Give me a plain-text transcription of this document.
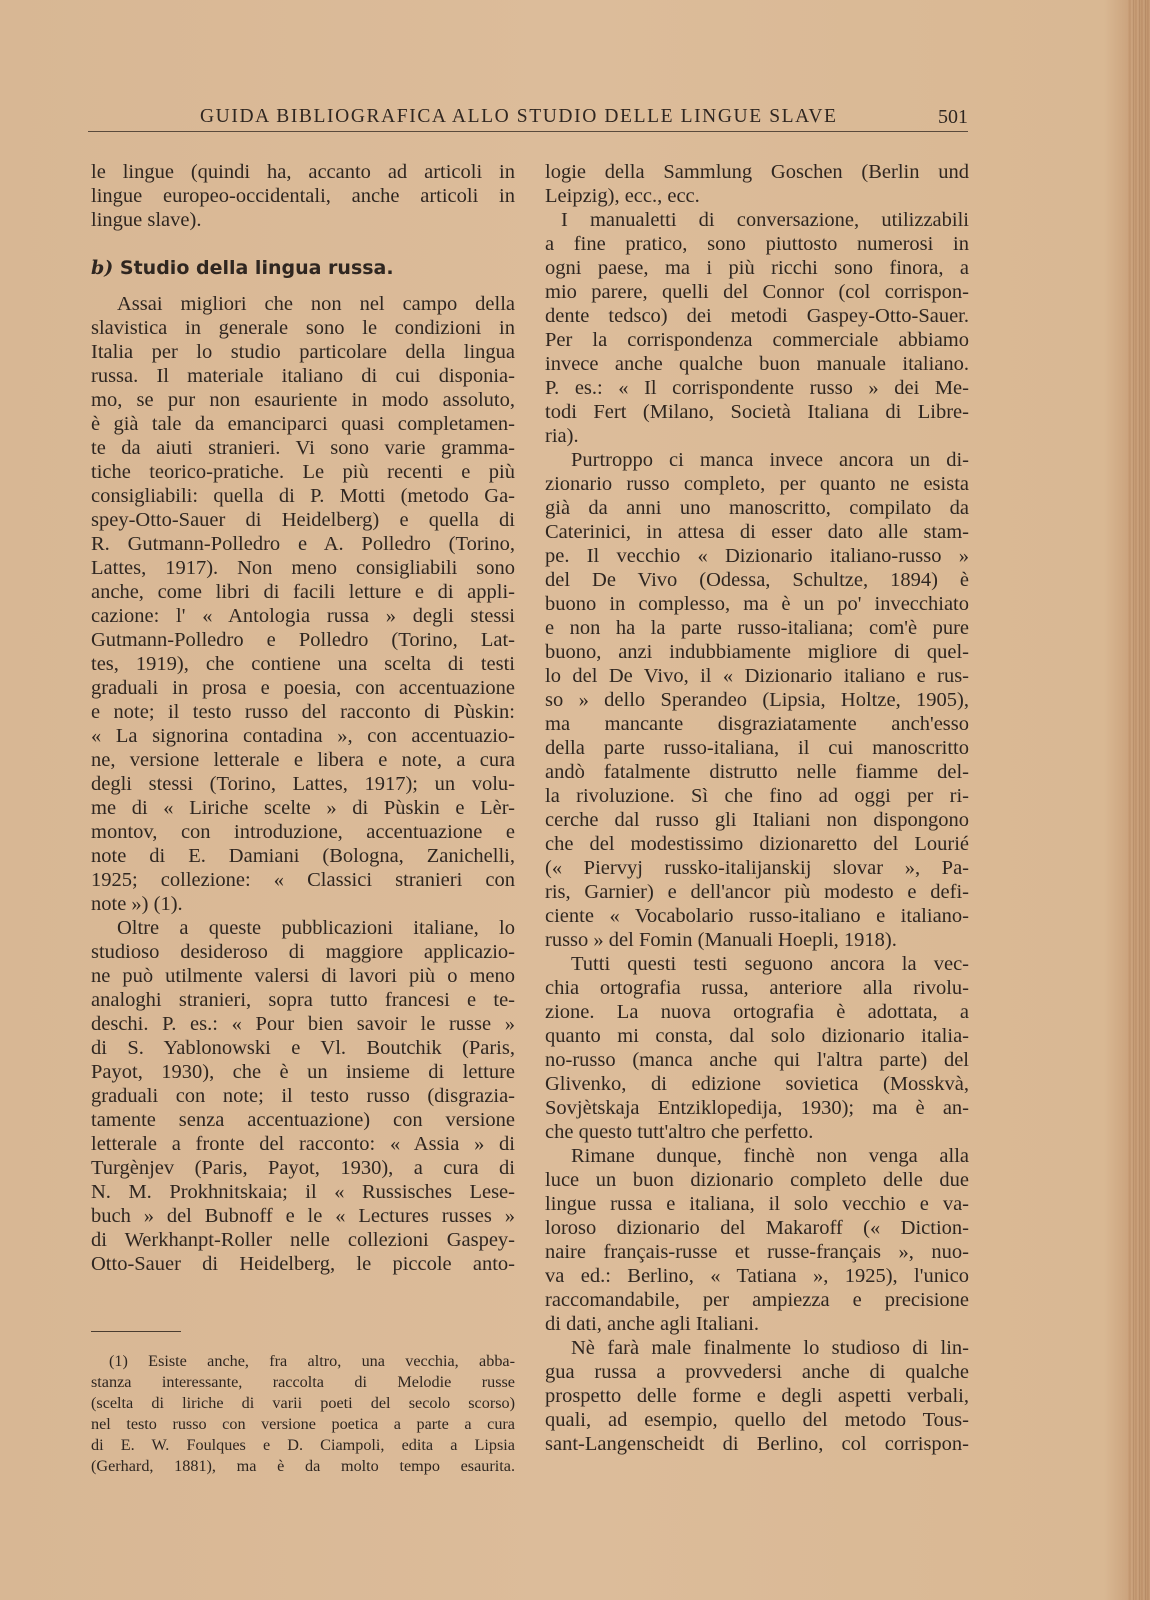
GUIDA BIBLIOGRAFICA ALLO STUDIO DELLE LINGUE SLAVE	501
le lingue (quindi ha, accanto ad articoli in
lingue europeo-occidentali, anche articoli in
lingue slave).
b) Studio della lingua russa.
Assai migliori che non nel campo della
slavistica in generale sono le condizioni in
Italia per lo studio particolare della lingua
russa. Il materiale italiano di cui disponia-
mo, se pur non esauriente in modo assoluto,
è già tale da emanciparci quasi completamen-
te da aiuti stranieri. Vi sono varie gramma-
tiche teorico-pratiche. Le più recenti e più
consigliabili: quella di P. Motti (metodo Ga-
spey-Otto-Sauer di Heidelberg) e quella di
R. Gutmann-Polledro e A. Polledro (Torino,
Lattes, 1917). Non meno consigliabili sono
anche, come libri di facili letture e di appli-
cazione: l' « Antologia russa » degli stessi
Gutmann-Polledro e Polledro (Torino, Lat-
tes, 1919), che contiene una scelta di testi
graduali in prosa e poesia, con accentuazione
e note; il testo russo del racconto di Pùskin:
« La signorina contadina », con accentuazio-
ne, versione letterale e libera e note, a cura
degli stessi (Torino, Lattes, 1917); un volu-
me di « Liriche scelte » di Pùskin e Lèr-
montov, con introduzione, accentuazione e
note di E. Damiani (Bologna, Zanichelli,
1925; collezione: « Classici stranieri con
note ») (1).
Oltre a queste pubblicazioni italiane, lo
studioso desideroso di maggiore applicazio-
ne può utilmente valersi di lavori più o meno
analoghi stranieri, sopra tutto francesi e te-
deschi. P. es.: « Pour bien savoir le russe »
di S. Yablonowski e Vl. Boutchik (Paris,
Payot, 1930), che è un insieme di letture
graduali con note; il testo russo (disgrazia-
tamente senza accentuazione) con versione
letterale a fronte del racconto: « Assia » di
Turgènjev (Paris, Payot, 1930), a cura di
N. M. Prokhnitskaia; il « Russisches Lese-
buch » del Bubnoff e le « Lectures russes »
di Werkhanpt-Roller nelle collezioni Gaspey-
Otto-Sauer di Heidelberg, le piccole anto-
logie della Sammlung Goschen (Berlin und
Leipzig), ecc., ecc.
I manualetti di conversazione, utilizzabili
a fine pratico, sono piuttosto numerosi in
ogni paese, ma i più ricchi sono finora, a
mio parere, quelli del Connor (col corrispon-
dente tedsco) dei metodi Gaspey-Otto-Sauer.
Per la corrispondenza commerciale abbiamo
invece anche qualche buon manuale italiano.
P. es.: « Il corrispondente russo » dei Me-
todi Fert (Milano, Società Italiana di Libre-
ria).
Purtroppo ci manca invece ancora un di-
zionario russo completo, per quanto ne esista
già da anni uno manoscritto, compilato da
Caterinici, in attesa di esser dato alle stam-
pe. Il vecchio « Dizionario italiano-russo »
del De Vivo (Odessa, Schultze, 1894) è
buono in complesso, ma è un po' invecchiato
e non ha la parte russo-italiana; com'è pure
buono, anzi indubbiamente migliore di quel-
lo del De Vivo, il « Dizionario italiano e rus-
so » dello Sperandeo (Lipsia, Holtze, 1905),
ma mancante disgraziatamente anch'esso
della parte russo-italiana, il cui manoscritto
andò fatalmente distrutto nelle fiamme del-
la rivoluzione. Sì che fino ad oggi per ri-
cerche dal russo gli Italiani non dispongono
che del modestissimo dizionaretto del Lourié
(« Piervyj russko-italijanskij slovar », Pa-
ris, Garnier) e dell'ancor più modesto e defi-
ciente « Vocabolario russo-italiano e italiano-
russo » del Fomin (Manuali Hoepli, 1918).
Tutti questi testi seguono ancora la vec-
chia ortografia russa, anteriore alla rivolu-
zione. La nuova ortografia è adottata, a
quanto mi consta, dal solo dizionario italia-
no-russo (manca anche qui l'altra parte) del
Glivenko, di edizione sovietica (Mosskvà,
Sovjètskaja Entziklopedija, 1930); ma è an-
che questo tutt'altro che perfetto.
Rimane dunque, finchè non venga alla
luce un buon dizionario completo delle due
lingue russa e italiana, il solo vecchio e va-
loroso dizionario del Makaroff (« Diction-
naire français-russe et russe-français », nuo-
va ed.: Berlino, « Tatiana », 1925), l'unico
raccomandabile, per ampiezza e precisione
di dati, anche agli Italiani.
Nè farà male finalmente lo studioso di lin-
gua russa a provvedersi anche di qualche
prospetto delle forme e degli aspetti verbali,
quali, ad esempio, quello del metodo Tous-
sant-Langenscheidt di Berlino, col corrispon-
(1) Esiste anche, fra altro, una vecchia, abba-
stanza interessante, raccolta di Melodie russe
(scelta di liriche di varii poeti del secolo scorso)
nel testo russo con versione poetica a parte a cura
di E. W. Foulques e D. Ciampoli, edita a Lipsia
(Gerhard, 1881), ma è da molto tempo esaurita.
